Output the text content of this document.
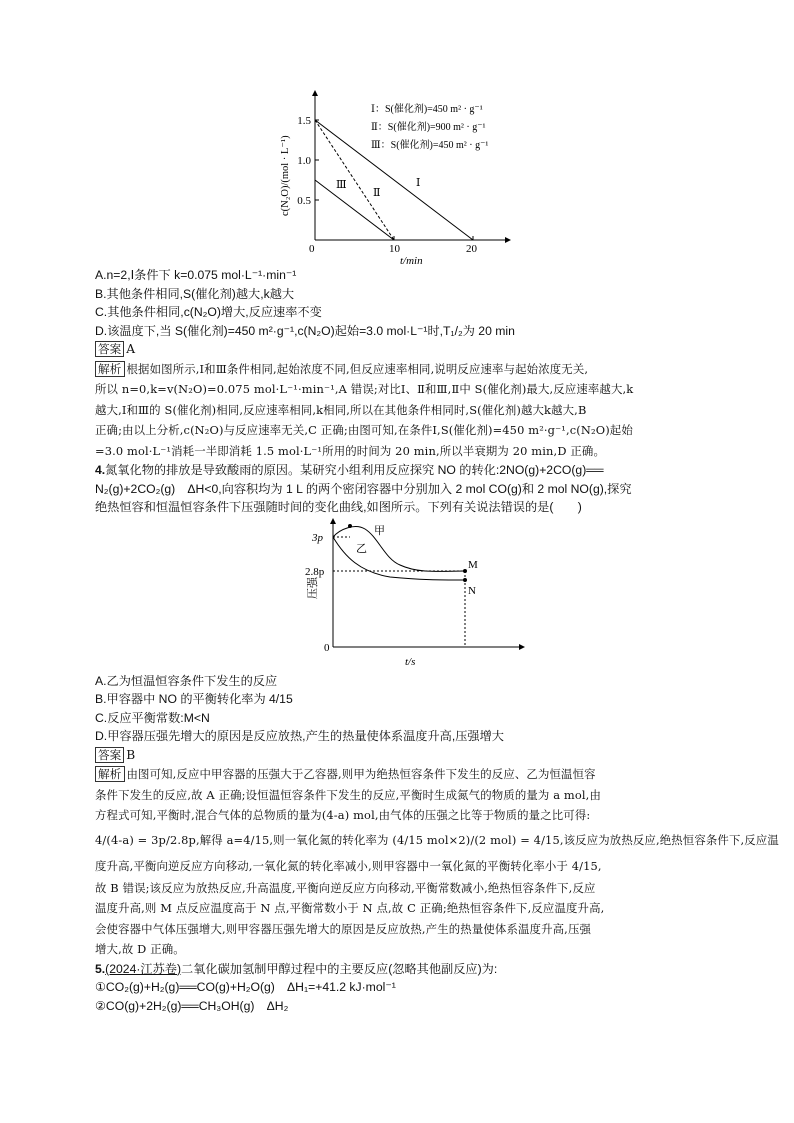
1.5
1.0
0.5
10	20
0
t/min
c(N₂O)/(mol · L⁻¹)	Ⅰ
Ⅱ
Ⅲ
Ⅰ：S(催化剂)=450 m² · g⁻¹
Ⅱ：S(催化剂)=900 m² · g⁻¹
Ⅲ：S(催化剂)=450 m² · g⁻¹
A.n=2,Ⅰ条件下 k=0.075 mol·L⁻¹·min⁻¹
B.其他条件相同,S(催化剂)越大,k越大
C.其他条件相同,c(N₂O)增大,反应速率不变
D.该温度下,当 S(催化剂)=450 m²·g⁻¹,c(N₂O)起始=3.0 mol·L⁻¹时,T₁/₂为 20 min
答案 A
解析 根据如图所示,Ⅰ和Ⅲ条件相同,起始浓度不同,但反应速率相同,说明反应速率与起始浓度无关,
所以 n=0,k=v(N₂O)=0.075 mol·L⁻¹·min⁻¹,A 错误;对比Ⅰ、Ⅱ和Ⅲ,Ⅱ中 S(催化剂)最大,反应速率越大,k
越大,Ⅰ和Ⅲ的 S(催化剂)相同,反应速率相同,k相同,所以在其他条件相同时,S(催化剂)越大k越大,B
正确;由以上分析,c(N₂O)与反应速率无关,C 正确;由图可知,在条件Ⅰ,S(催化剂)=450 m²·g⁻¹,c(N₂O)起始
=3.0 mol·L⁻¹消耗一半即消耗 1.5 mol·L⁻¹所用的时间为 20 min,所以半衰期为 20 min,D 正确。
4.氮氧化物的排放是导致酸雨的原因。某研究小组利用反应探究 NO 的转化:2NO(g)+2CO(g)══
N₂(g)+2CO₂(g)　ΔH<0,向容积均为 1 L 的两个密闭容器中分别加入 2 mol CO(g)和 2 mol NO(g),探究
绝热恒容和恒温恒容条件下压强随时间的变化曲线,如图所示。下列有关说法错误的是(　　)
3p
2.8p
0
t/s
压强
甲
乙
M
N
A.乙为恒温恒容条件下发生的反应
B.甲容器中 NO 的平衡转化率为 4/15
C.反应平衡常数:M<N
D.甲容器压强先增大的原因是反应放热,产生的热量使体系温度升高,压强增大
答案 B
解析 由图可知,反应中甲容器的压强大于乙容器,则甲为绝热恒容条件下发生的反应、乙为恒温恒容
条件下发生的反应,故 A 正确;设恒温恒容条件下发生的反应,平衡时生成氮气的物质的量为 a mol,由
方程式可知,平衡时,混合气体的总物质的量为(4-a) mol,由气体的压强之比等于物质的量之比可得:
4/(4-a) = 3p/2.8p,解得 a=4/15,则一氧化氮的转化率为 (4/15 mol×2)/(2 mol) = 4/15,该反应为放热反应,绝热恒容条件下,反应温
度升高,平衡向逆反应方向移动,一氧化氮的转化率减小,则甲容器中一氧化氮的平衡转化率小于 4/15,
故 B 错误;该反应为放热反应,升高温度,平衡向逆反应方向移动,平衡常数减小,绝热恒容条件下,反应
温度升高,则 M 点反应温度高于 N 点,平衡常数小于 N 点,故 C 正确;绝热恒容条件下,反应温度升高,
会使容器中气体压强增大,则甲容器压强先增大的原因是反应放热,产生的热量使体系温度升高,压强
增大,故 D 正确。
5.(2024·江苏卷)二氧化碳加氢制甲醇过程中的主要反应(忽略其他副反应)为:
①CO₂(g)+H₂(g)══CO(g)+H₂O(g)　ΔH₁=+41.2 kJ·mol⁻¹
②CO(g)+2H₂(g)══CH₃OH(g)　ΔH₂
